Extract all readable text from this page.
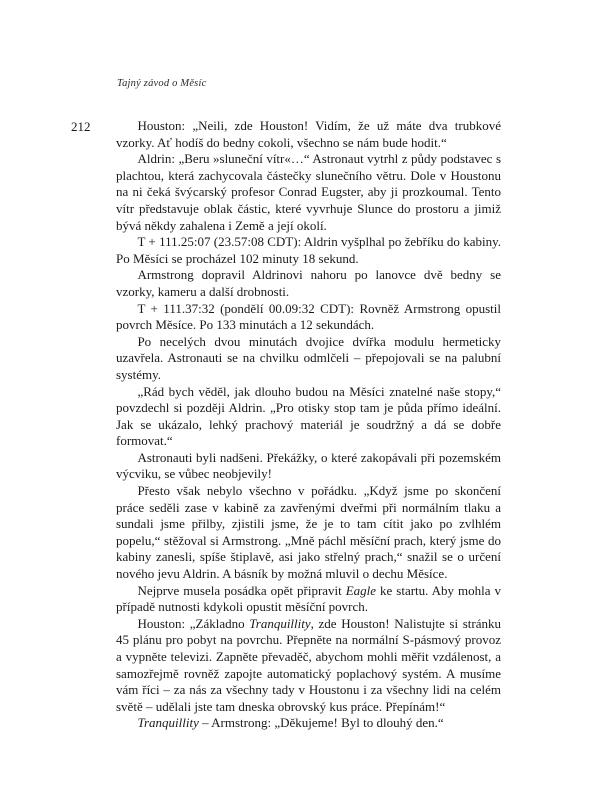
Tajný závod o Měsíc
212	Houston: „Neili, zde Houston! Vidím, že už máte dva trubkové vzorky. Ať hodíš do bedny cokoli, všechno se nám bude hodit.“

Aldrin: „Beru »sluneční vítr«…“ Astronaut vytrhl z půdy podstavec s plachtou, která zachycovala částečky slunečního větru. Dole v Houstonu na ni čeká švýcarský profesor Conrad Eugster, aby ji prozkoumal. Tento vítr představuje oblak částic, které vyvrhuje Slunce do prostoru a jimiž bývá někdy zahalena i Země a její okolí.

T + 111.25:07 (23.57:08 CDT): Aldrin vyšplhal po žebříku do kabiny. Po Měsíci se procházel 102 minuty 18 sekund.

Armstrong dopravil Aldrinovi nahoru po lanovce dvě bedny se vzorky, kameru a další drobnosti.

T + 111.37:32 (pondělí 00.09:32 CDT): Rovněž Armstrong opustil povrch Měsíce. Po 133 minutách a 12 sekundách.

Po necelých dvou minutách dvojice dvířka modulu hermeticky uzavřela. Astronauti se na chvilku odmlčeli – přepojovali se na palubní systémy.

„Rád bych věděl, jak dlouho budou na Měsíci znatelné naše stopy,“ povzdechl si později Aldrin. „Pro otisky stop tam je půda přímo ideální. Jak se ukázalo, lehký prachový materiál je soudržný a dá se dobře formovat.“

Astronauti byli nadšeni. Překážky, o které zakopávali při pozemském výcviku, se vůbec neobjevily!

Přesto však nebylo všechno v pořádku. „Když jsme po skončení práce seděli zase v kabině za zavřenými dveřmi při normálním tlaku a sundali jsme přilby, zjistili jsme, že je to tam cítit jako po zvlhlém popelu,“ stěžoval si Armstrong. „Mně páchl měsíční prach, který jsme do kabiny zanesli, spíše štiplavě, asi jako střelný prach,“ snažil se o určení nového jevu Aldrin. A básník by možná mluvil o dechu Měsíce.

Nejprve musela posádka opět připravit Eagle ke startu. Aby mohla v případě nutnosti kdykoli opustit měsíční povrch.

Houston: „Základno Tranquillity, zde Houston! Nalistujte si stránku 45 plánu pro pobyt na povrchu. Přepněte na normální S-pásmový provoz a vypněte televizi. Zapněte převaděč, abychom mohli měřit vzdálenost, a samozřejmě rovněž zapojte automatický poplachový systém. A musíme vám říci – za nás za všechny tady v Houstonu i za všechny lidi na celém světě – udělali jste tam dneska obrovský kus práce. Přepínám!“

Tranquillity – Armstrong: „Děkujeme! Byl to dlouhý den.“
